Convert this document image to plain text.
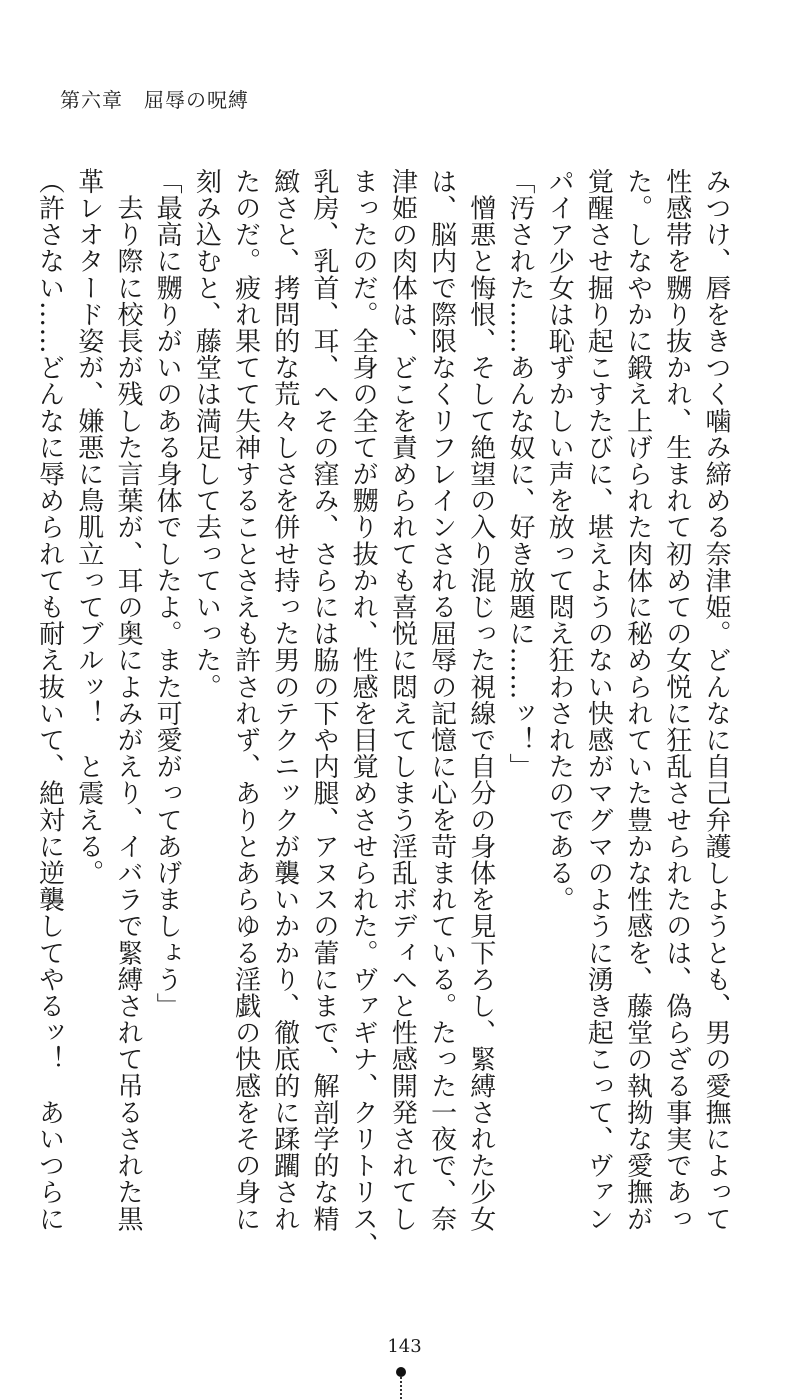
第六章　屈辱の呪縛
みつけ、唇をきつく噛み締める奈津姫。どんなに自己弁護しようとも、男の愛撫によって
性感帯を嬲り抜かれ、生まれて初めての女悦に狂乱させられたのは、偽らざる事実であっ
た。しなやかに鍛え上げられた肉体に秘められていた豊かな性感を、藤堂の執拗な愛撫が
覚醒させ掘り起こすたびに、堪えようのない快感がマグマのように湧き起こって、ヴァン
パイア少女は恥ずかしい声を放って悶え狂わされたのである。
「汚された……あんな奴に、好き放題に……ッ！」
　憎悪と悔恨、そして絶望の入り混じった視線で自分の身体を見下ろし、緊縛された少女
は、脳内で際限なくリフレインされる屈辱の記憶に心を苛まれている。たった一夜で、奈
津姫の肉体は、どこを責められても喜悦に悶えてしまう淫乱ボディへと性感開発されてし
まったのだ。全身の全てが嬲り抜かれ、性感を目覚めさせられた。ヴァギナ、クリトリス、
乳房、乳首、耳、へその窪み、さらには脇の下や内腿、アヌスの蕾にまで、解剖学的な精
緻さと、拷問的な荒々しさを併せ持った男のテクニックが襲いかかり、徹底的に蹂躙され
たのだ。疲れ果てて失神することさえも許されず、ありとあらゆる淫戯の快感をその身に
刻み込むと、藤堂は満足して去っていった。
「最高に嬲りがいのある身体でしたよ。また可愛がってあげましょう」
　去り際に校長が残した言葉が、耳の奥によみがえり、イバラで緊縛されて吊るされた黒
革レオタード姿が、嫌悪に鳥肌立ってブルッ！　と震える。
（許さない……どんなに辱められても耐え抜いて、絶対に逆襲してやるッ！　あいつらに
143
